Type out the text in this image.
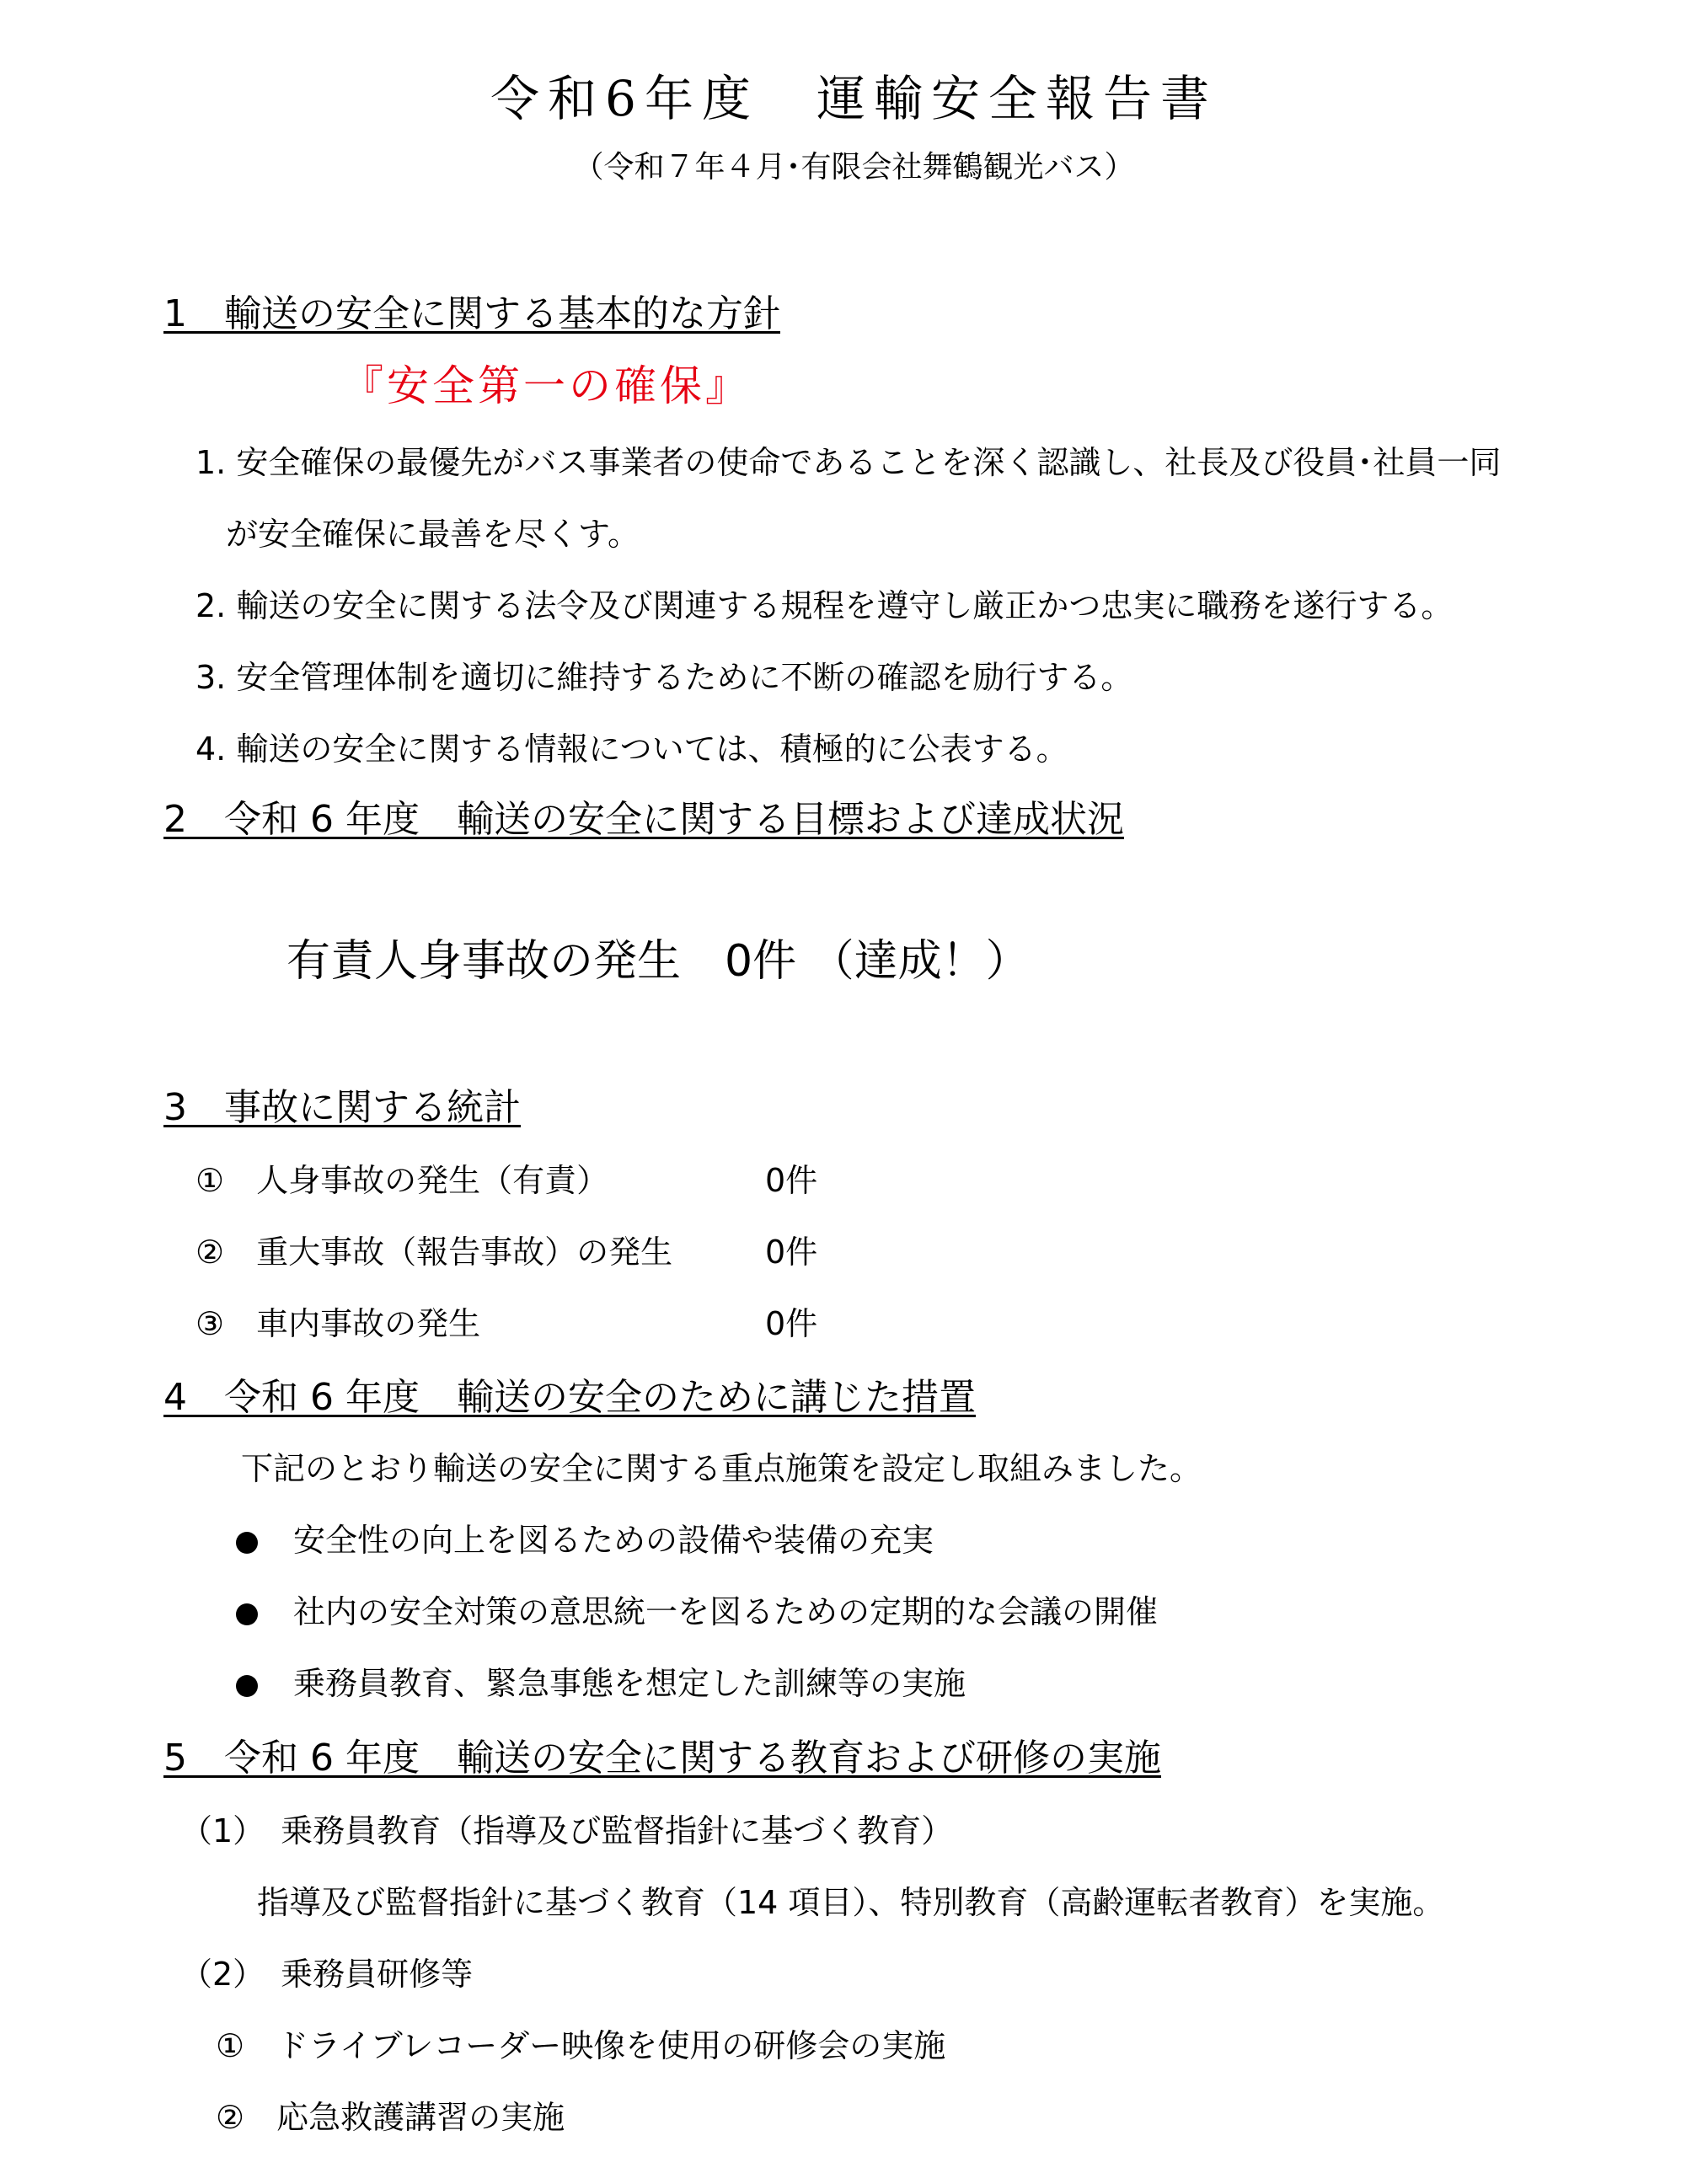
令和6年度　運輸安全報告書
（令和７年４月･有限会社舞鶴観光バス）
1　輸送の安全に関する基本的な方針
『安全第一の確保』
1. 安全確保の最優先がバス事業者の使命であることを深く認識し、社長及び役員･社員一同
が安全確保に最善を尽くす。
2. 輸送の安全に関する法令及び関連する規程を遵守し厳正かつ忠実に職務を遂行する。
3. 安全管理体制を適切に維持するために不断の確認を励行する。
4. 輸送の安全に関する情報については、積極的に公表する。
2　令和 6 年度　輸送の安全に関する目標および達成状況
有責人身事故の発生　0件 （達成！）
3　事故に関する統計
①　人身事故の発生（有責）	0件
②　重大事故（報告事故）の発生	0件
③　車内事故の発生	0件
4　令和 6 年度　輸送の安全のために講じた措置
下記のとおり輸送の安全に関する重点施策を設定し取組みました。
安全性の向上を図るための設備や装備の充実
社内の安全対策の意思統一を図るための定期的な会議の開催
乗務員教育、緊急事態を想定した訓練等の実施
5　令和 6 年度　輸送の安全に関する教育および研修の実施
（1）　乗務員教育（指導及び監督指針に基づく教育）
指導及び監督指針に基づく教育（14 項目）、特別教育（高齢運転者教育）を実施。
（2）　乗務員研修等
①　ドライブレコーダー映像を使用の研修会の実施
②　応急救護講習の実施
